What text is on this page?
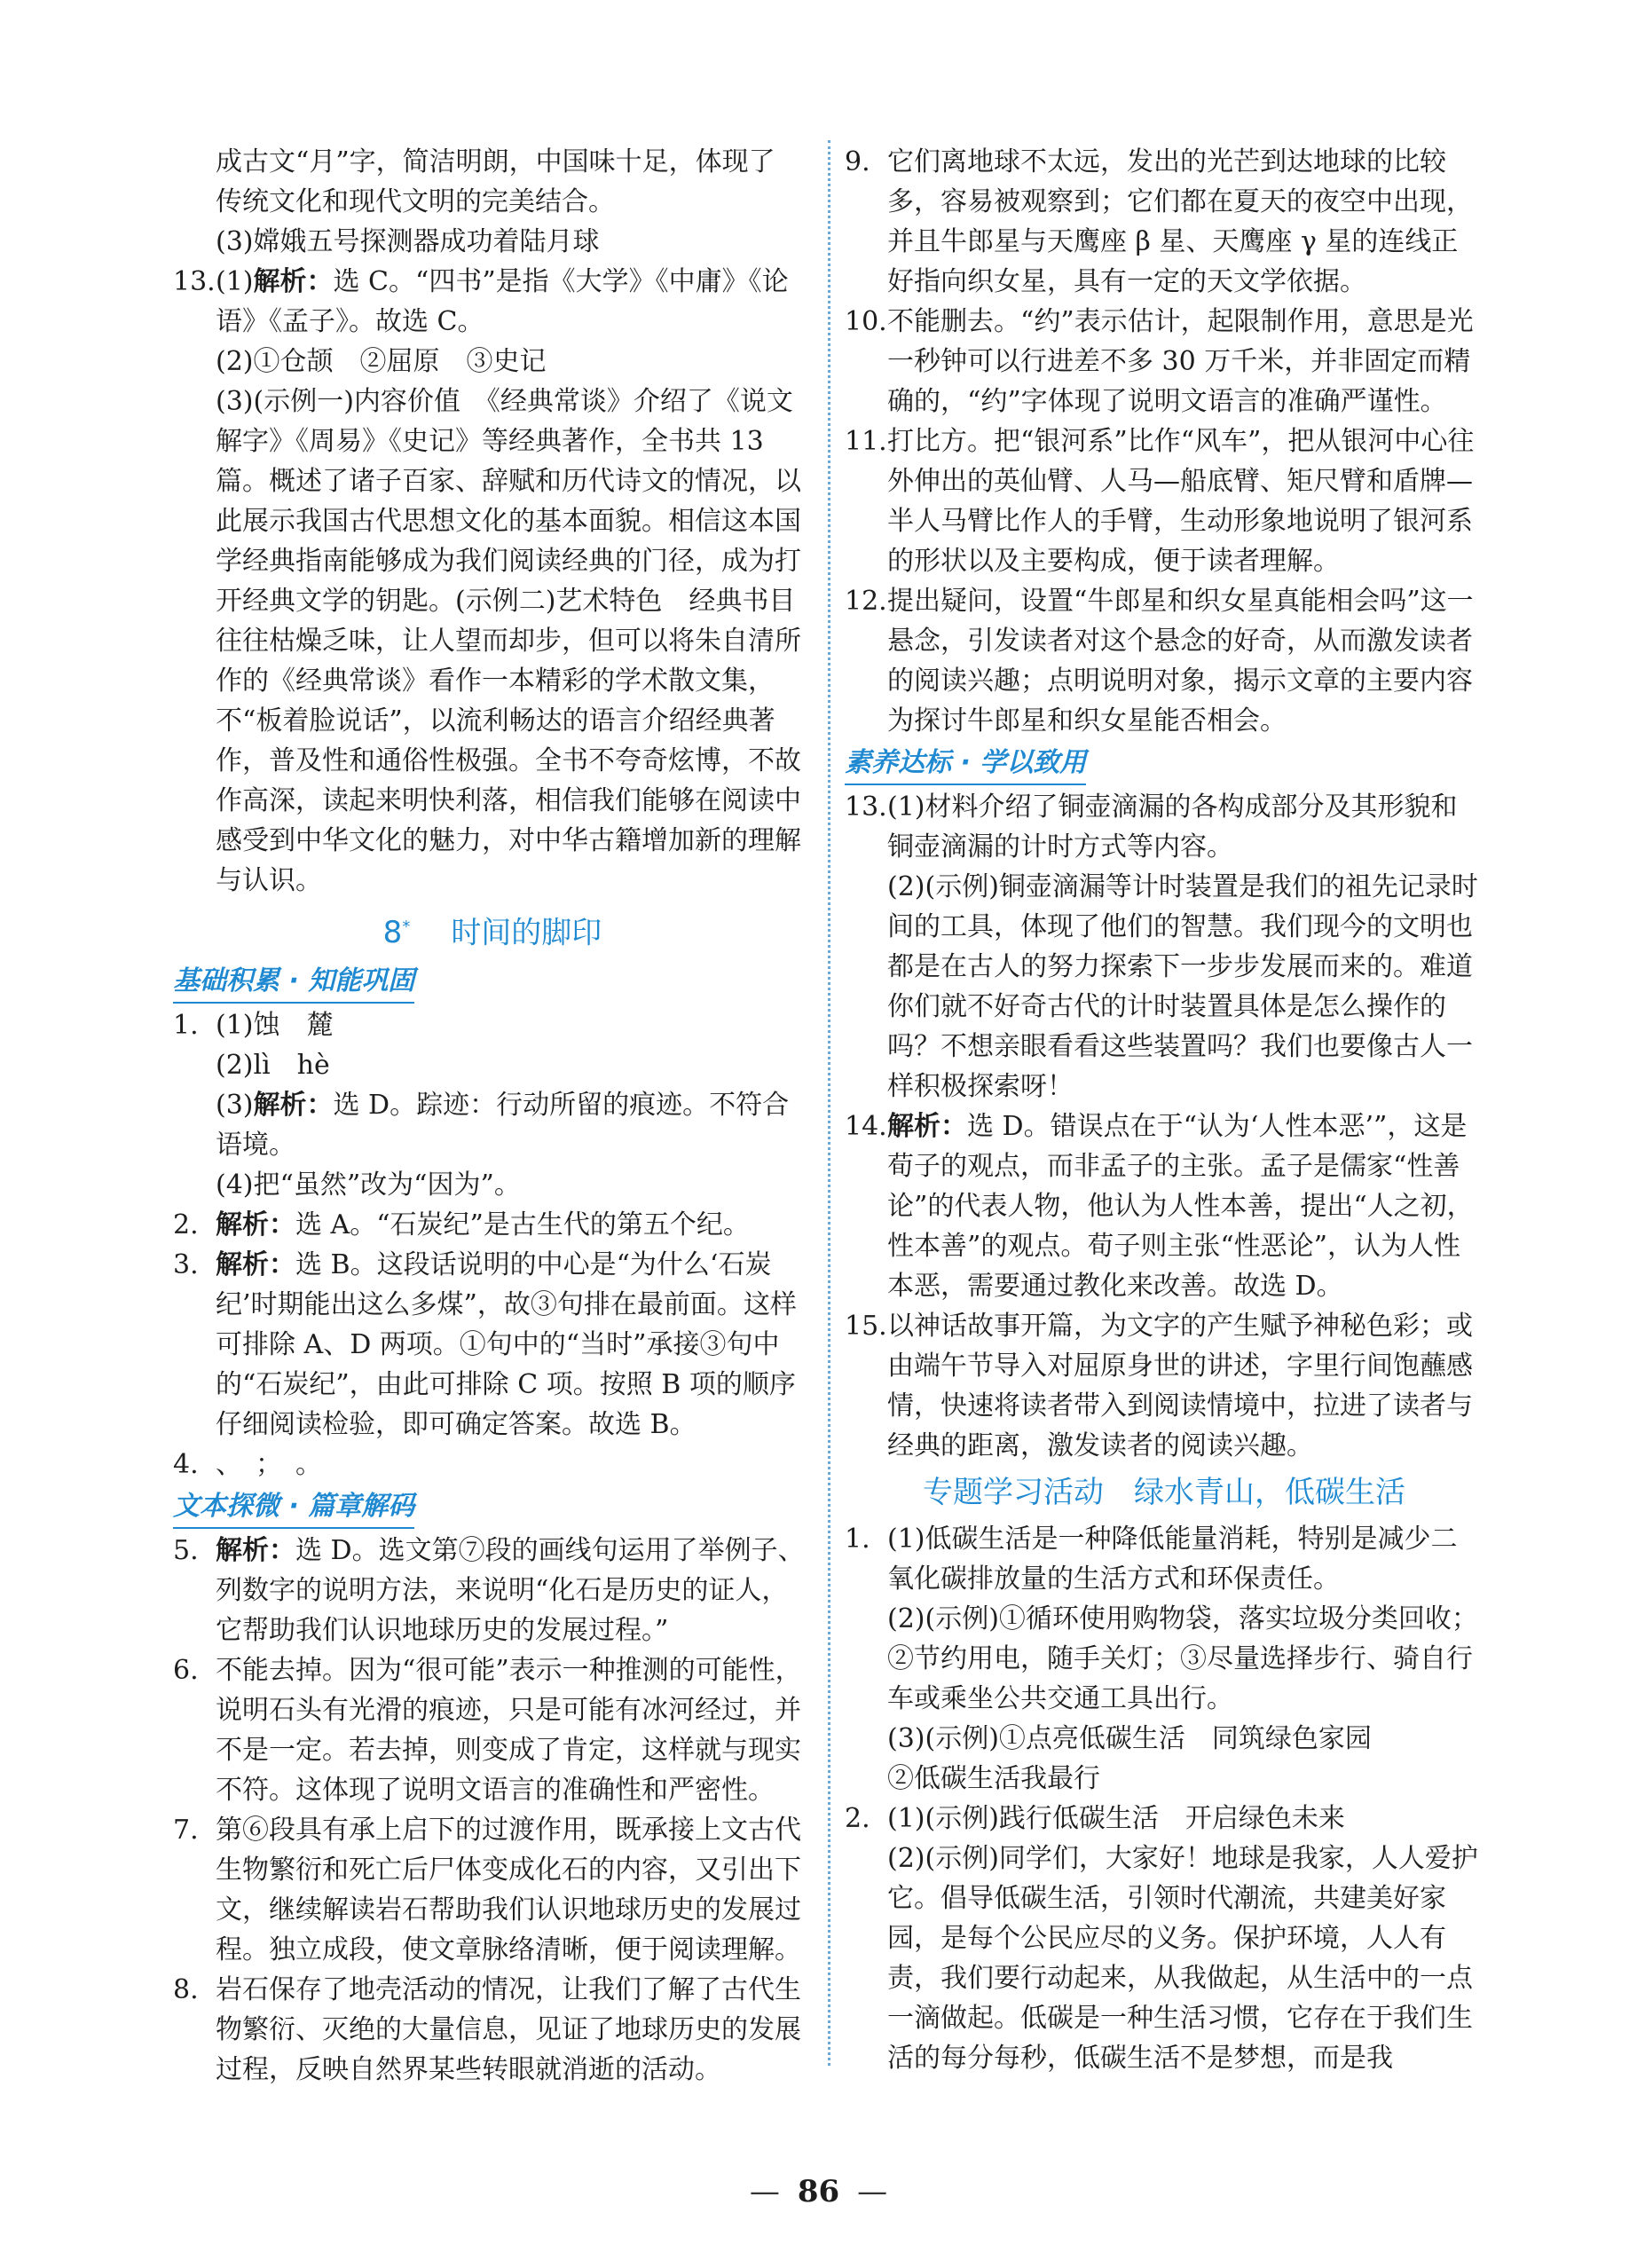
成古文“月”字，简洁明朗，中国味十足，体现了

传统文化和现代文明的完美结合。

(3)嫦娥五号探测器成功着陆月球

13.(1)解析：选 C。“四书”是指《大学》《中庸》《论语》《孟子》。故选 C。

(2)①仓颉　②屈原　③史记

(3)(示例一)内容价值　《经典常谈》介绍了《说文解字》《周易》《史记》等经典著作，全书共 13 篇。概述了诸子百家、辞赋和历代诗文的情况，以此展示我国古代思想文化的基本面貌。相信这本国学经典指南能够成为我们阅读经典的门径，成为打开经典文学的钥匙。(示例二)艺术特色　经典书目往往枯燥乏味，让人望而却步，但可以将朱自清所作的《经典常谈》看作一本精彩的学术散文集，不“板着脸说话”，以流利畅达的语言介绍经典著作，普及性和通俗性极强。全书不夸奇炫博，不故作高深，读起来明快利落，相信我们能够在阅读中感受到中华文化的魅力，对中华古籍增加新的理解与认识。

8* 时间的脚印
基础积累 · 知能巩固

1. (1)蚀　麓

(2)lì　hè

(3)解析：选 D。踪迹：行动所留的痕迹。不符合语境。

(4)把“虽然”改为“因为”。

2. 解析：选 A。“石炭纪”是古生代的第五个纪。

3. 解析：选 B。这段话说明的中心是“为什么‘石炭纪’时期能出这么多煤”，故③句排在最前面。这样可排除 A、D 两项。①句中的“当时”承接③句中的“石炭纪”，由此可排除 C 项。按照 B 项的顺序仔细阅读检验，即可确定答案。故选 B。

4. 、　；　。

文本探微 · 篇章解码

5. 解析：选 D。选文第⑦段的画线句运用了举例子、列数字的说明方法，来说明“化石是历史的证人，它帮助我们认识地球历史的发展过程。”

6. 不能去掉。因为“很可能”表示一种推测的可能性，说明石头有光滑的痕迹，只是可能有冰河经过，并不是一定。若去掉，则变成了肯定，这样就与现实不符。这体现了说明文语言的准确性和严密性。

7. 第⑥段具有承上启下的过渡作用，既承接上文古代生物繁衍和死亡后尸体变成化石的内容，又引出下文，继续解读岩石帮助我们认识地球历史的发展过程。独立成段，使文章脉络清晰，便于阅读理解。

8. 岩石保存了地壳活动的情况，让我们了解了古代生物繁衍、灭绝的大量信息，见证了地球历史的发展过程，反映自然界某些转眼就消逝的活动。

9. 它们离地球不太远，发出的光芒到达地球的比较多，容易被观察到；它们都在夏天的夜空中出现，并且牛郎星与天鹰座 β 星、天鹰座 γ 星的连线正好指向织女星，具有一定的天文学依据。

10.不能删去。“约”表示估计，起限制作用，意思是光一秒钟可以行进差不多 30 万千米，并非固定而精确的，“约”字体现了说明文语言的准确严谨性。

11.打比方。把“银河系”比作“风车”，把从银河中心往外伸出的英仙臂、人马—船底臂、矩尺臂和盾牌—半人马臂比作人的手臂，生动形象地说明了银河系的形状以及主要构成，便于读者理解。

12.提出疑问，设置“牛郎星和织女星真能相会吗”这一悬念，引发读者对这个悬念的好奇，从而激发读者的阅读兴趣；点明说明对象，揭示文章的主要内容为探讨牛郎星和织女星能否相会。

素养达标 · 学以致用

13.(1)材料介绍了铜壶滴漏的各构成部分及其形貌和铜壶滴漏的计时方式等内容。

(2)(示例)铜壶滴漏等计时装置是我们的祖先记录时间的工具，体现了他们的智慧。我们现今的文明也都是在古人的努力探索下一步步发展而来的。难道你们就不好奇古代的计时装置具体是怎么操作的吗？不想亲眼看看这些装置吗？我们也要像古人一样积极探索呀！

14.解析：选 D。错误点在于“认为‘人性本恶’”，这是荀子的观点，而非孟子的主张。孟子是儒家“性善论”的代表人物，他认为人性本善，提出“人之初，性本善”的观点。荀子则主张“性恶论”，认为人性本恶，需要通过教化来改善。故选 D。

15.以神话故事开篇，为文字的产生赋予神秘色彩；或由端午节导入对屈原身世的讲述，字里行间饱蘸感情，快速将读者带入到阅读情境中，拉进了读者与经典的距离，激发读者的阅读兴趣。

专题学习活动　绿水青山，低碳生活

1. (1)低碳生活是一种降低能量消耗，特别是减少二氧化碳排放量的生活方式和环保责任。

(2)(示例)①循环使用购物袋，落实垃圾分类回收；②节约用电，随手关灯；③尽量选择步行、骑自行车或乘坐公共交通工具出行。

(3)(示例)①点亮低碳生活　同筑绿色家园

②低碳生活我最行

2. (1)(示例)践行低碳生活　开启绿色未来

(2)(示例)同学们，大家好！地球是我家，人人爱护它。倡导低碳生活，引领时代潮流，共建美好家园，是每个公民应尽的义务。保护环境，人人有责，我们要行动起来，从我做起，从生活中的一点一滴做起。低碳是一种生活习惯，它存在于我们生活的每分每秒，低碳生活不是梦想，而是我

— 86 —
